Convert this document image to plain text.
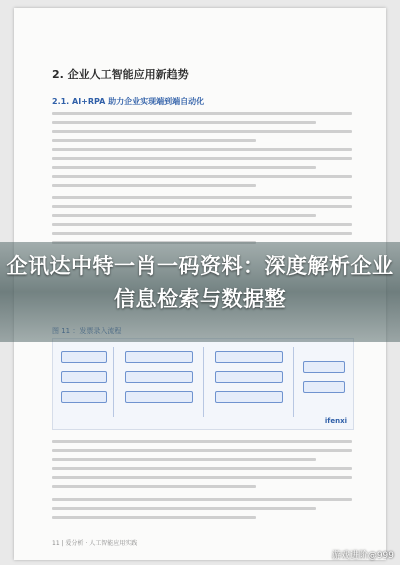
2. 企业人工智能应用新趋势
2.1. AI+RPA 助力企业实现端到端自动化
ifenxi
11 | 爱分析 · 人工智能应用实践
企讯达中特一肖一码资料：深度解析企业信息检索与数据整
游戏进阶@999
